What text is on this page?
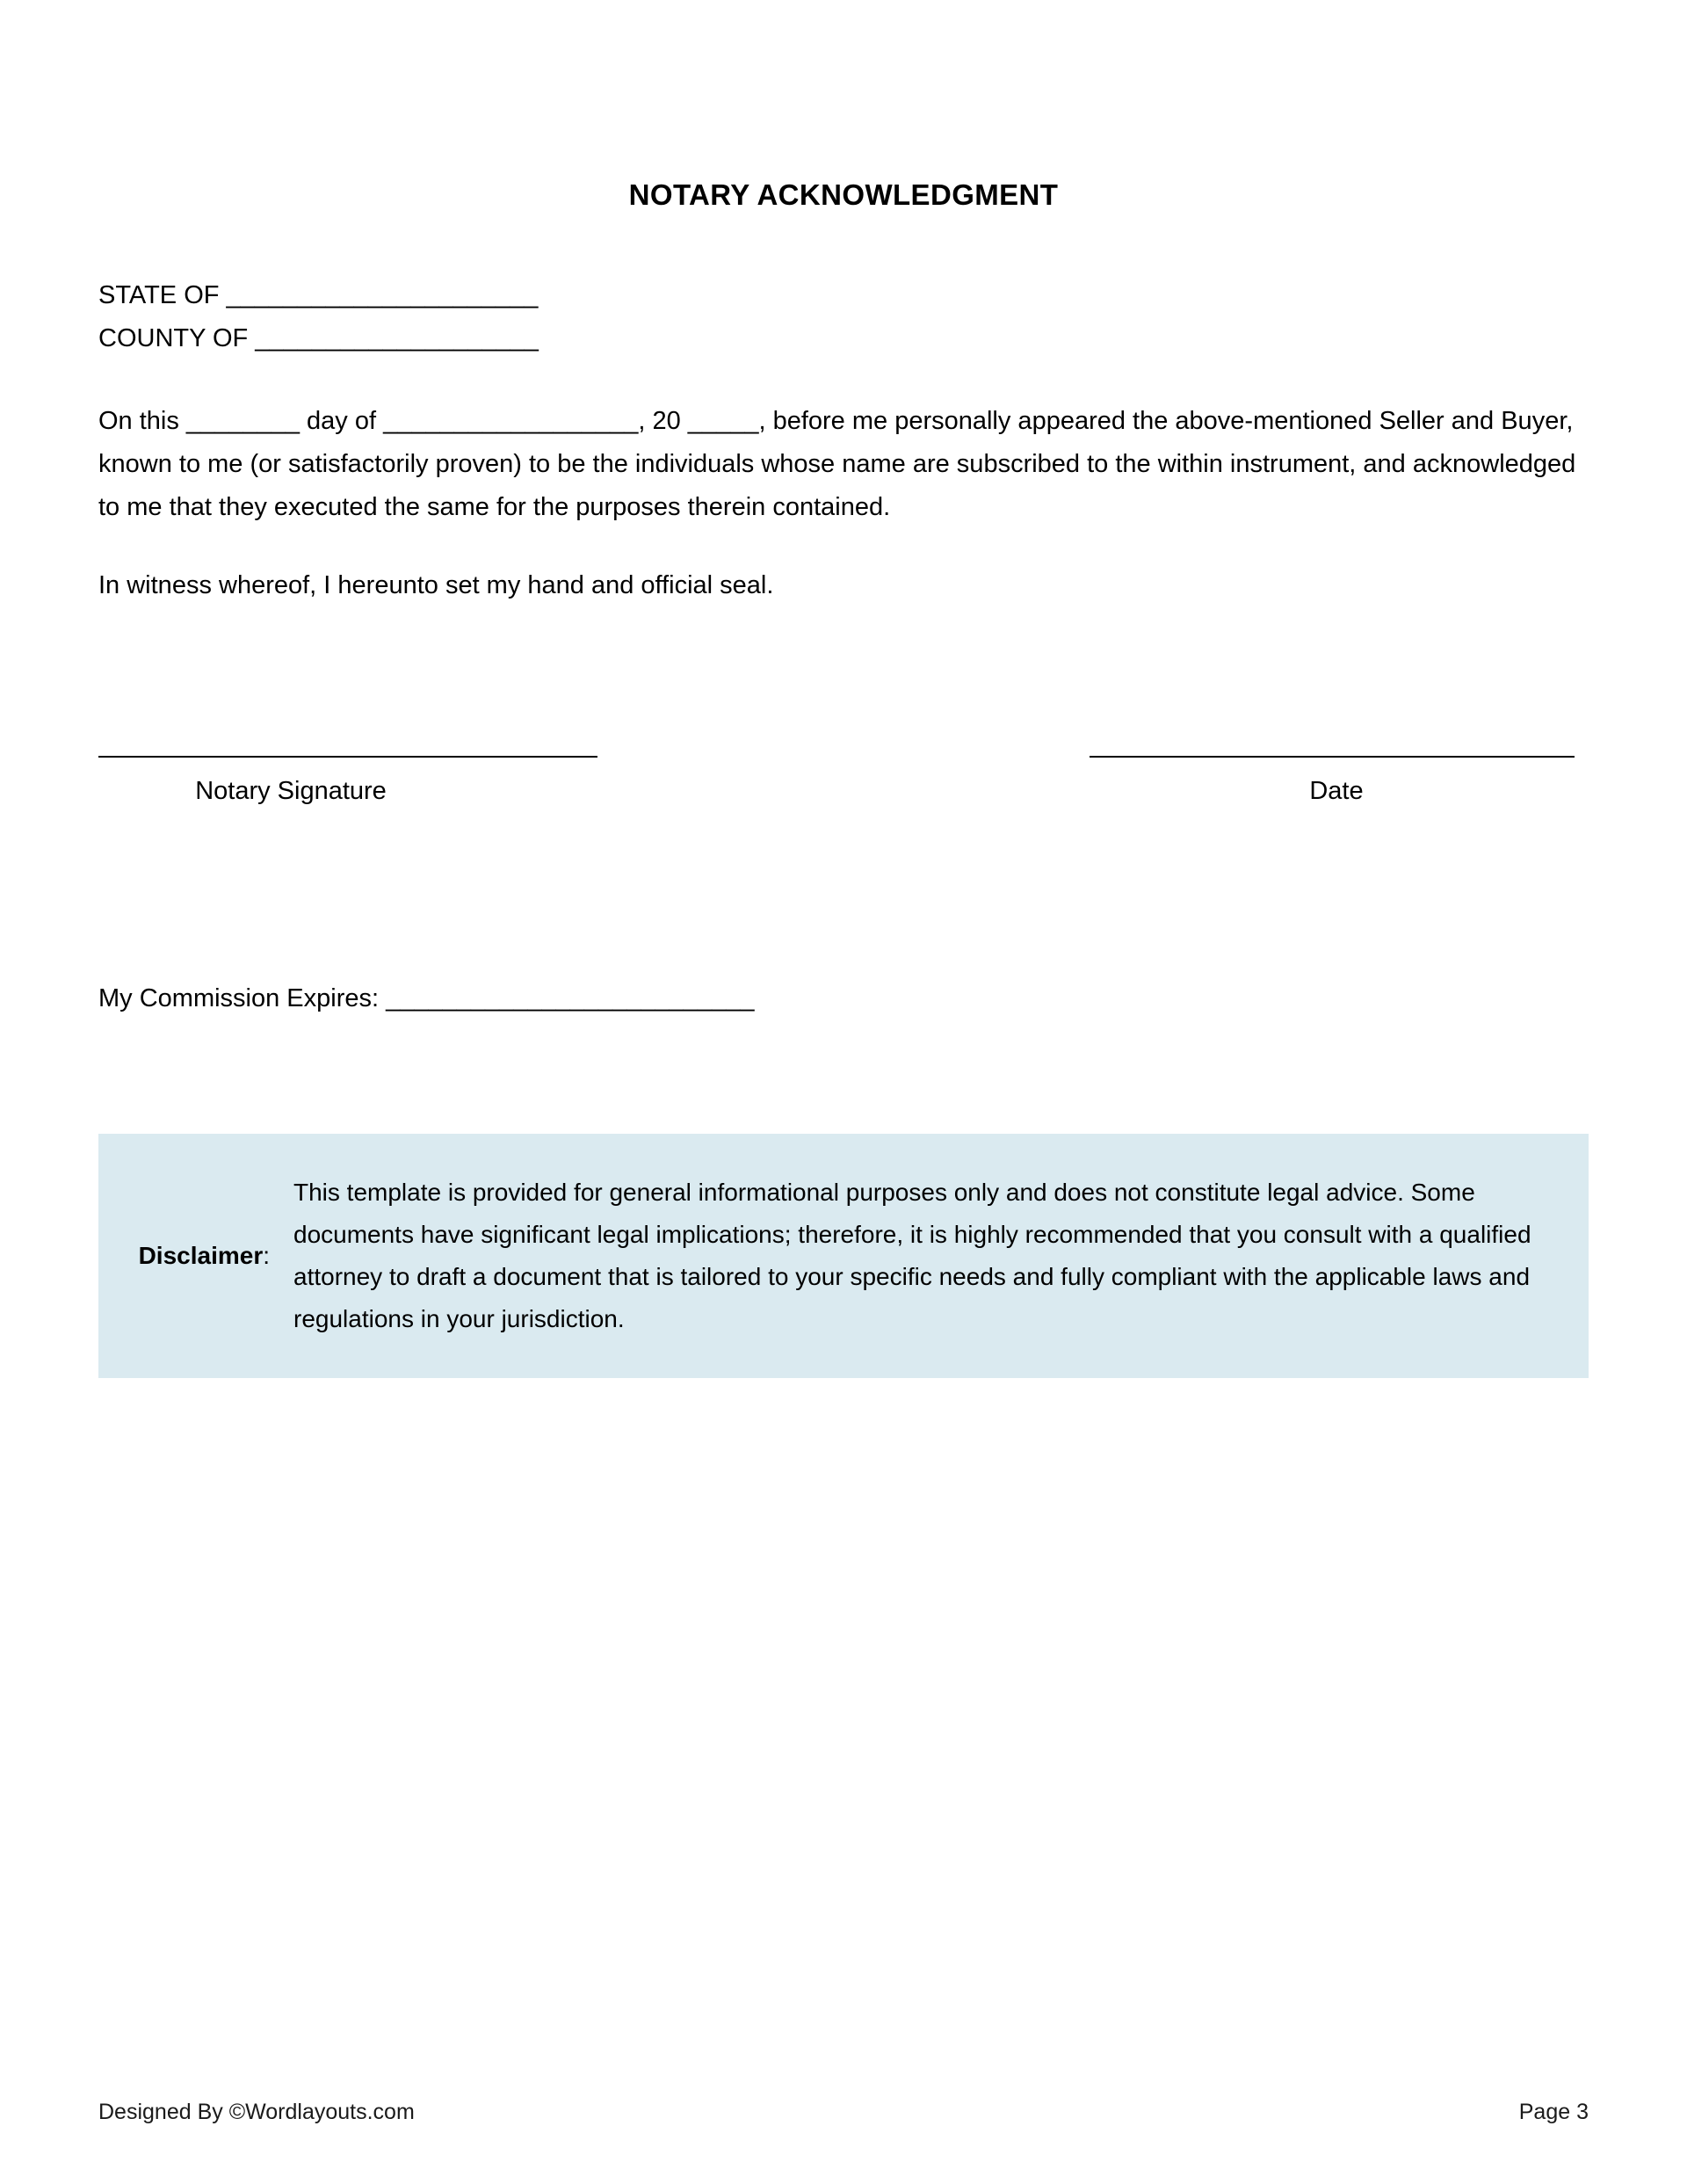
NOTARY ACKNOWLEDGMENT
STATE OF ______________________
COUNTY OF ____________________

On this ________ day of __________________, 20 _____, before me personally appeared the above-mentioned Seller and Buyer, known to me (or satisfactorily proven) to be the individuals whose name are subscribed to the within instrument, and acknowledged to me that they executed the same for the purposes therein contained.

In witness whereof, I hereunto set my hand and official seal.

Notary Signature	Date
My Commission Expires: __________________________
Disclaimer:
This template is provided for general informational purposes only and does not constitute legal advice. Some documents have significant legal implications; therefore, it is highly recommended that you consult with a qualified attorney to draft a document that is tailored to your specific needs and fully compliant with the applicable laws and regulations in your jurisdiction.
Designed By ©Wordlayouts.com	Page 3
